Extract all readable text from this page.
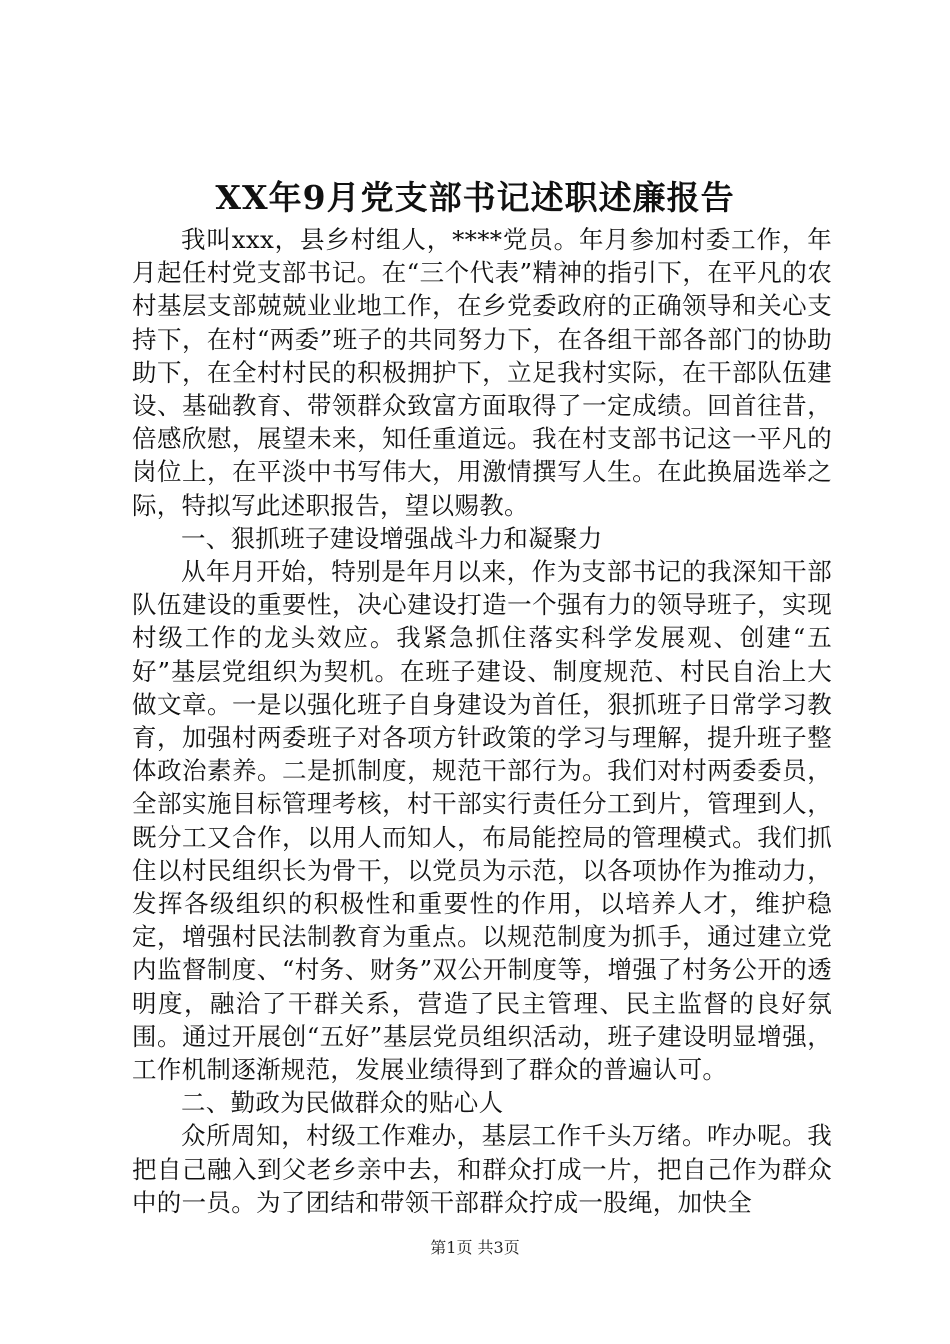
XX年9月党支部书记述职述廉报告

我叫xxx，县乡村组人，****党员。年月参加村委工作，年月起任村党支部书记。在“三个代表”精神的指引下，在平凡的农村基层支部兢兢业业地工作，在乡党委政府的正确领导和关心支持下，在村“两委”班子的共同努力下，在各组干部各部门的协助助下，在全村村民的积极拥护下，立足我村实际，在干部队伍建设、基础教育、带领群众致富方面取得了一定成绩。回首往昔，倍感欣慰，展望未来，知任重道远。我在村支部书记这一平凡的岗位上，在平淡中书写伟大，用激情撰写人生。在此换届选举之际，特拟写此述职报告，望以赐教。

一、狠抓班子建设增强战斗力和凝聚力

从年月开始，特别是年月以来，作为支部书记的我深知干部队伍建设的重要性，决心建设打造一个强有力的领导班子，实现村级工作的龙头效应。我紧急抓住落实科学发展观、创建“五好”基层党组织为契机。在班子建设、制度规范、村民自治上大做文章。一是以强化班子自身建设为首任，狠抓班子日常学习教育，加强村两委班子对各项方针政策的学习与理解，提升班子整体政治素养。二是抓制度，规范干部行为。我们对村两委委员，全部实施目标管理考核，村干部实行责任分工到片，管理到人，既分工又合作，以用人而知人，布局能控局的管理模式。我们抓住以村民组织长为骨干，以党员为示范，以各项协作为推动力，发挥各级组织的积极性和重要性的作用，以培养人才，维护稳定，增强村民法制教育为重点。以规范制度为抓手，通过建立党内监督制度、“村务、财务”双公开制度等，增强了村务公开的透明度，融洽了干群关系，营造了民主管理、民主监督的良好氛围。通过开展创“五好”基层党员组织活动，班子建设明显增强，工作机制逐渐规范，发展业绩得到了群众的普遍认可。

二、勤政为民做群众的贴心人

众所周知，村级工作难办，基层工作千头万绪。咋办呢。我把自己融入到父老乡亲中去，和群众打成一片，把自己作为群众中的一员。为了团结和带领干部群众拧成一股绳，加快全

第1页 共3页
